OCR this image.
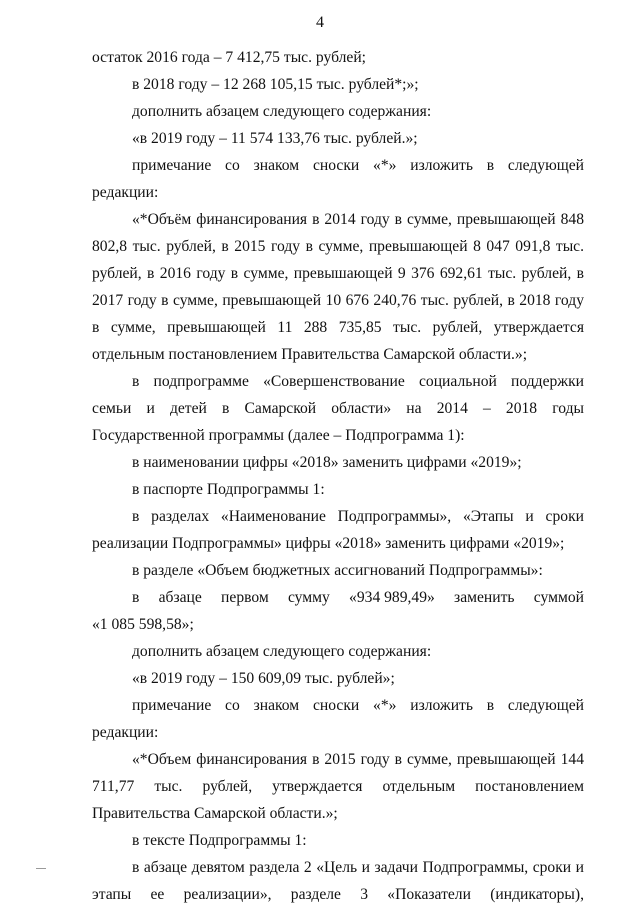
4

остаток 2016 года – 7 412,75 тыс. рублей;

в 2018 году – 12 268 105,15 тыс. рублей*;»;

дополнить абзацем следующего содержания:

«в 2019 году – 11 574 133,76 тыс. рублей.»;

примечание со знаком сноски «*» изложить в следующей редакции:

«*Объём финансирования в 2014 году в сумме, превышающей 848 802,8 тыс. рублей, в 2015 году в сумме, превышающей 8 047 091,8 тыс. рублей, в 2016 году в сумме, превышающей 9 376 692,61 тыс. рублей, в 2017 году в сумме, превышающей 10 676 240,76 тыс. рублей, в 2018 году в сумме, превышающей 11 288 735,85 тыс. рублей, утверждается отдельным постановлением Правительства Самарской области.»;

в подпрограмме «Совершенствование социальной поддержки семьи и детей в Самарской области» на 2014 – 2018 годы Государственной программы (далее – Подпрограмма 1):

в наименовании цифры «2018» заменить цифрами «2019»;

в паспорте Подпрограммы 1:

в разделах «Наименование Подпрограммы», «Этапы и сроки реализации Подпрограммы» цифры «2018» заменить цифрами «2019»;

в разделе «Объем бюджетных ассигнований Подпрограммы»:

в абзаце первом сумму «934 989,49» заменить суммой

«1 085 598,58»;

дополнить абзацем следующего содержания:

«в 2019 году – 150 609,09 тыс. рублей»;

примечание со знаком сноски «*» изложить в следующей редакции:

«*Объем финансирования в 2015 году в сумме, превышающей 144 711,77 тыс. рублей, утверждается отдельным постановлением Правительства Самарской области.»;

в тексте Подпрограммы 1:

в абзаце девятом раздела 2 «Цель и задачи Подпрограммы, сроки и этапы ее реализации», разделе 3 «Показатели (индикаторы),
